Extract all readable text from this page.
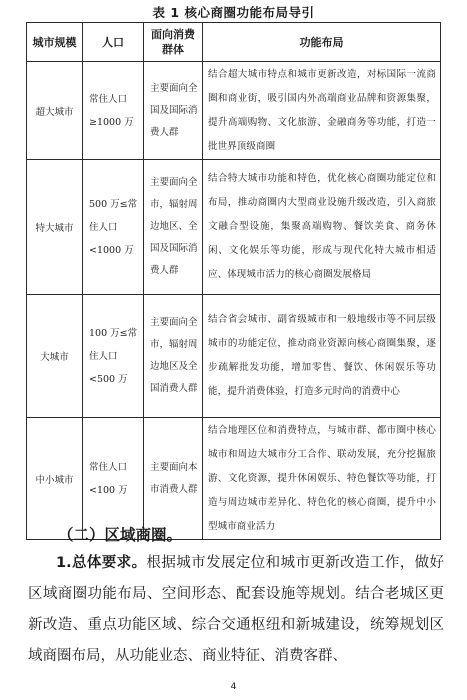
表 1 核心商圈功能布局导引
城市规模	人口	面向消费群体	功能布局
超大城市	常住人口≥1000 万	主要面向全国及国际消费人群	结合超大城市特点和城市更新改造，对标国际一流商圈和商业街，吸引国内外高端商业品牌和资源集聚，提升高端购物、文化旅游、金融商务等功能，打造一批世界顶级商圈
特大城市	500 万≤常住人口<1000 万	主要面向全市，辐射周边地区、全国及国际消费人群	结合特大城市功能和特色，优化核心商圈功能定位和布局，推动商圈内大型商业设施升级改造，引入商旅文融合型设施，集聚高端购物、餐饮美食、商务休闲、文化娱乐等功能，形成与现代化特大城市相适应、体现城市活力的核心商圈发展格局
大城市	100 万≤常住人口<500 万	主要面向全市，辐射周边地区及全国消费人群	结合省会城市、副省级城市和一般地级市等不同层级城市的功能定位，推动商业资源向核心商圈集聚，逐步疏解批发功能，增加零售、餐饮、休闲娱乐等功能，提升消费体验，打造多元时尚的消费中心
中小城市	常住人口<100 万	主要面向本市消费人群	结合地理区位和消费特点，与城市群、都市圈中核心城市和周边大城市分工合作、联动发展，充分挖掘旅游、文化资源，提升休闲娱乐、特色餐饮等功能，打造与周边城市差异化、特色化的核心商圈，提升中小型城市商业活力
（二）区域商圈。
1.总体要求。根据城市发展定位和城市更新改造工作，做好区域商圈功能布局、空间形态、配套设施等规划。结合老城区更新改造、重点功能区域、综合交通枢纽和新城建设，统筹规划区域商圈布局，从功能业态、商业特征、消费客群、
4
